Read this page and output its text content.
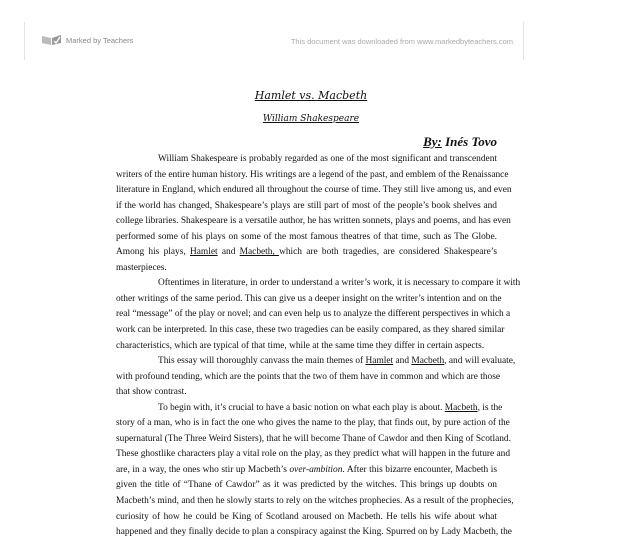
Marked by Teachers	This document was downloaded from www.markedbyteachers.com
Hamlet vs. Macbeth
William Shakespeare
By: Inés Tovo
William Shakespeare is probably regarded as one of the most significant and transcendent
writers of the entire human history. His writings are a legend of the past, and emblem of the Renaissance
literature in England, which endured all throughout the course of time. They still live among us, and even
if the world has changed, Shakespeare’s plays are still part of most of the people’s book shelves and
college libraries. Shakespeare is a versatile author, he has written sonnets, plays and poems, and has even
performed some of his plays on some of the most famous theatres of that time, such as The Globe.
Among his plays, Hamlet and Macbeth, which are both tragedies, are considered Shakespeare’s
masterpieces.
Oftentimes in literature, in order to understand a writer’s work, it is necessary to compare it with
other writings of the same period. This can give us a deeper insight on the writer’s intention and on the
real “message” of the play or novel; and can even help us to analyze the different perspectives in which a
work can be interpreted. In this case, these two tragedies can be easily compared, as they shared similar
characteristics, which are typical of that time, while at the same time they differ in certain aspects.
This essay will thoroughly canvass the main themes of Hamlet and Macbeth, and will evaluate,
with profound tending, which are the points that the two of them have in common and which are those
that show contrast.
To begin with, it’s crucial to have a basic notion on what each play is about. Macbeth, is the
story of a man, who is in fact the one who gives the name to the play, that finds out, by pure action of the
supernatural (The Three Weird Sisters), that he will become Thane of Cawdor and then King of Scotland.
These ghostlike characters play a vital role on the play, as they predict what will happen in the future and
are, in a way, the ones who stir up Macbeth’s over-ambition. After this bizarre encounter, Macbeth is
given the title of “Thane of Cawdor” as it was predicted by the witches. This brings up doubts on
Macbeth’s mind, and then he slowly starts to rely on the witches prophecies. As a result of the prophecies,
curiosity of how he could be King of Scotland aroused on Macbeth. He tells his wife about what
happened and they finally decide to plan a conspiracy against the King. Spurred on by Lady Macbeth, the
